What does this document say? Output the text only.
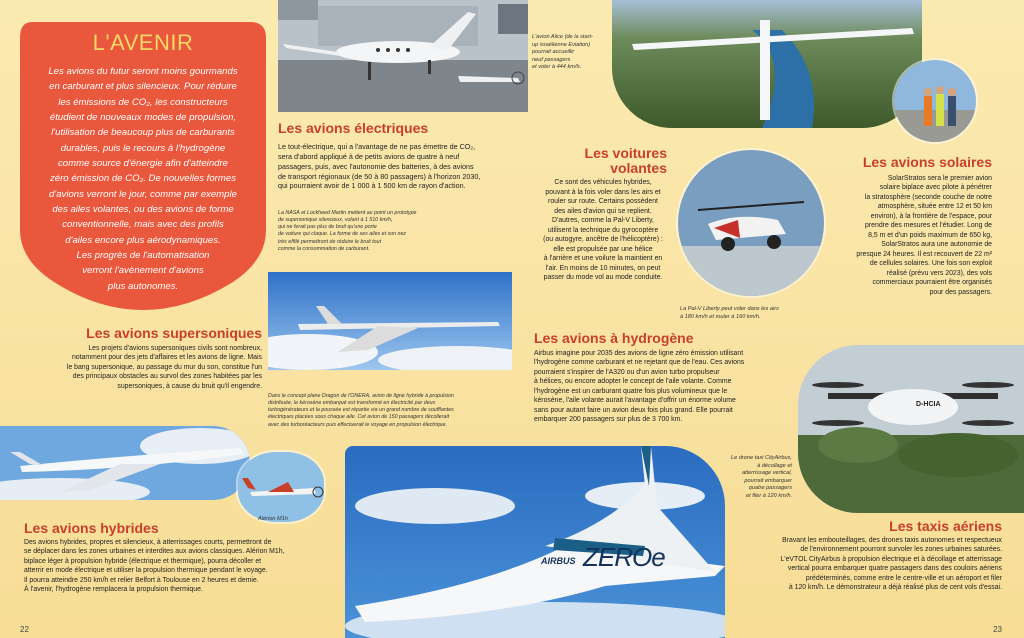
L'AVENIR
Les avions du futur seront moins gourmands
en carburant et plus silencieux. Pour réduire
les émissions de CO₂, les constructeurs
étudient de nouveaux modes de propulsion,
l'utilisation de beaucoup plus de carburants
durables, puis le recours à l'hydrogène
comme source d'énergie afin d'atteindre
zéro émission de CO₂. De nouvelles formes
d'avions verront le jour, comme par exemple
des ailes volantes, ou des avions de forme
conventionnelle, mais avec des profils
d'ailes encore plus aérodynamiques.
Les progrès de l'automatisation
verront l'avènement d'avions
plus autonomes.
Les avions électriques
Le tout-électrique, qui a l'avantage de ne pas émettre de CO₂,
sera d'abord appliqué à de petits avions de quatre à neuf
passagers, puis, avec l'autonomie des batteries, à des avions
de transport régionaux (de 50 à 80 passagers) à l'horizon 2030,
qui pourraient avoir de 1 000 à 1 500 km de rayon d'action.
La NASA et Lockheed Martin mettent au point un prototype
de supersonique silencieux, volant à 1 510 km/h,
qui ne ferait pas plus de bruit qu'une porte
de voiture qui claque. La forme de ses ailes et son nez
très effilé permettront de réduire le bruit tout
comme la consommation de carburant.
Les avions supersoniques
Les projets d'avions supersoniques civils sont nombreux,
notamment pour des jets d'affaires et les avions de ligne. Mais
le bang supersonique, au passage du mur du son, constitue l'un
des principaux obstacles au survol des zones habitées par les
supersoniques, à cause du bruit qu'il engendre.
Dans le concept plane Dragon de l'ONERA, avion de ligne hybride à propulsion
distribuée, le kérosène embarqué est transformé en électricité par deux
turbogénérateurs et la poussée est répartie via un grand nombre de soufflantes
électriques placées sous chaque aile. Cet avion de 150 passagers décollerait
avec des turboréacteurs puis effectuerait le voyage en propulsion électrique.
Alérion M1h
Les avions hybrides
Des avions hybrides, propres et silencieux, à atterrissages courts, permettront de
se déplacer dans les zones urbaines et interdites aux avions classiques. Alérion M1h,
biplace léger à propulsion hybride (électrique et thermique), pourra décoller et
atterrir en mode électrique et utiliser la propulsion thermique pendant le voyage.
Il pourra atteindre 250 km/h et relier Belfort à Toulouse en 2 heures et demie.
À l'avenir, l'hydrogène remplacera la propulsion thermique.
22
AIRBUS ZEROe
L'avion Alice (de la start-
up israélienne Eviation)
pourrait accueillir
neuf passagers
et voler à 444 km/h.
Les voitures
volantes
Ce sont des véhicules hybrides,
pouvant à la fois voler dans les airs et
rouler sur route. Certains possèdent
des ailes d'avion qui se replient.
D'autres, comme la Pal-V Liberty,
utilisent la technique du gyrocoptère
(ou autogyre, ancêtre de l'hélicoptère) :
elle est propulsée par une hélice
à l'arrière et une voilure la maintient en
l'air. En moins de 10 minutes, on peut
passer du mode vol au mode conduite.
La Pal-V Liberty peut voler dans les airs
à 180 km/h et rouler à 160 km/h.
Les avions solaires
SolarStratos sera le premier avion
solaire biplace avec pilote à pénétrer
la stratosphère (seconde couche de notre
atmosphère, située entre 12 et 50 km
environ), à la frontière de l'espace, pour
prendre des mesures et l'étudier. Long de
8,5 m et d'un poids maximum de 650 kg,
SolarStratos aura une autonomie de
presque 24 heures. Il est recouvert de 22 m²
de cellules solaires. Une fois son exploit
réalisé (prévu vers 2023), des vols
commerciaux pourraient être organisés
pour des passagers.
Les avions à hydrogène
Airbus imagine pour 2035 des avions de ligne zéro émission utilisant
l'hydrogène comme carburant et ne rejetant que de l'eau. Ces avions
pourraient s'inspirer de l'A320 ou d'un avion turbo propulseur
à hélices, ou encore adopter le concept de l'aile volante. Comme
l'hydrogène est un carburant quatre fois plus volumineux que le
kérosène, l'aile volante aurait l'avantage d'offrir un énorme volume
sans pour autant faire un avion deux fois plus grand. Elle pourrait
embarquer 200 passagers sur plus de 3 700 km.
D-HCIA
Le drone taxi CityAirbus,
à décollage et
atterrissage vertical,
pourrait embarquer
quatre passagers
et filer à 120 km/h.
Les taxis aériens
Bravant les embouteillages, des drones taxis autonomes et respectueux
de l'environnement pourront survoler les zones urbaines saturées.
L'eVTOL CityAirbus à propulsion électrique et à décollage et atterrissage
vertical pourra embarquer quatre passagers dans des couloirs aériens
prédéterminés, comme entre le centre-ville et un aéroport et filer
à 120 km/h. Le démonstrateur a déjà réalisé plus de cent vols d'essai.
23
